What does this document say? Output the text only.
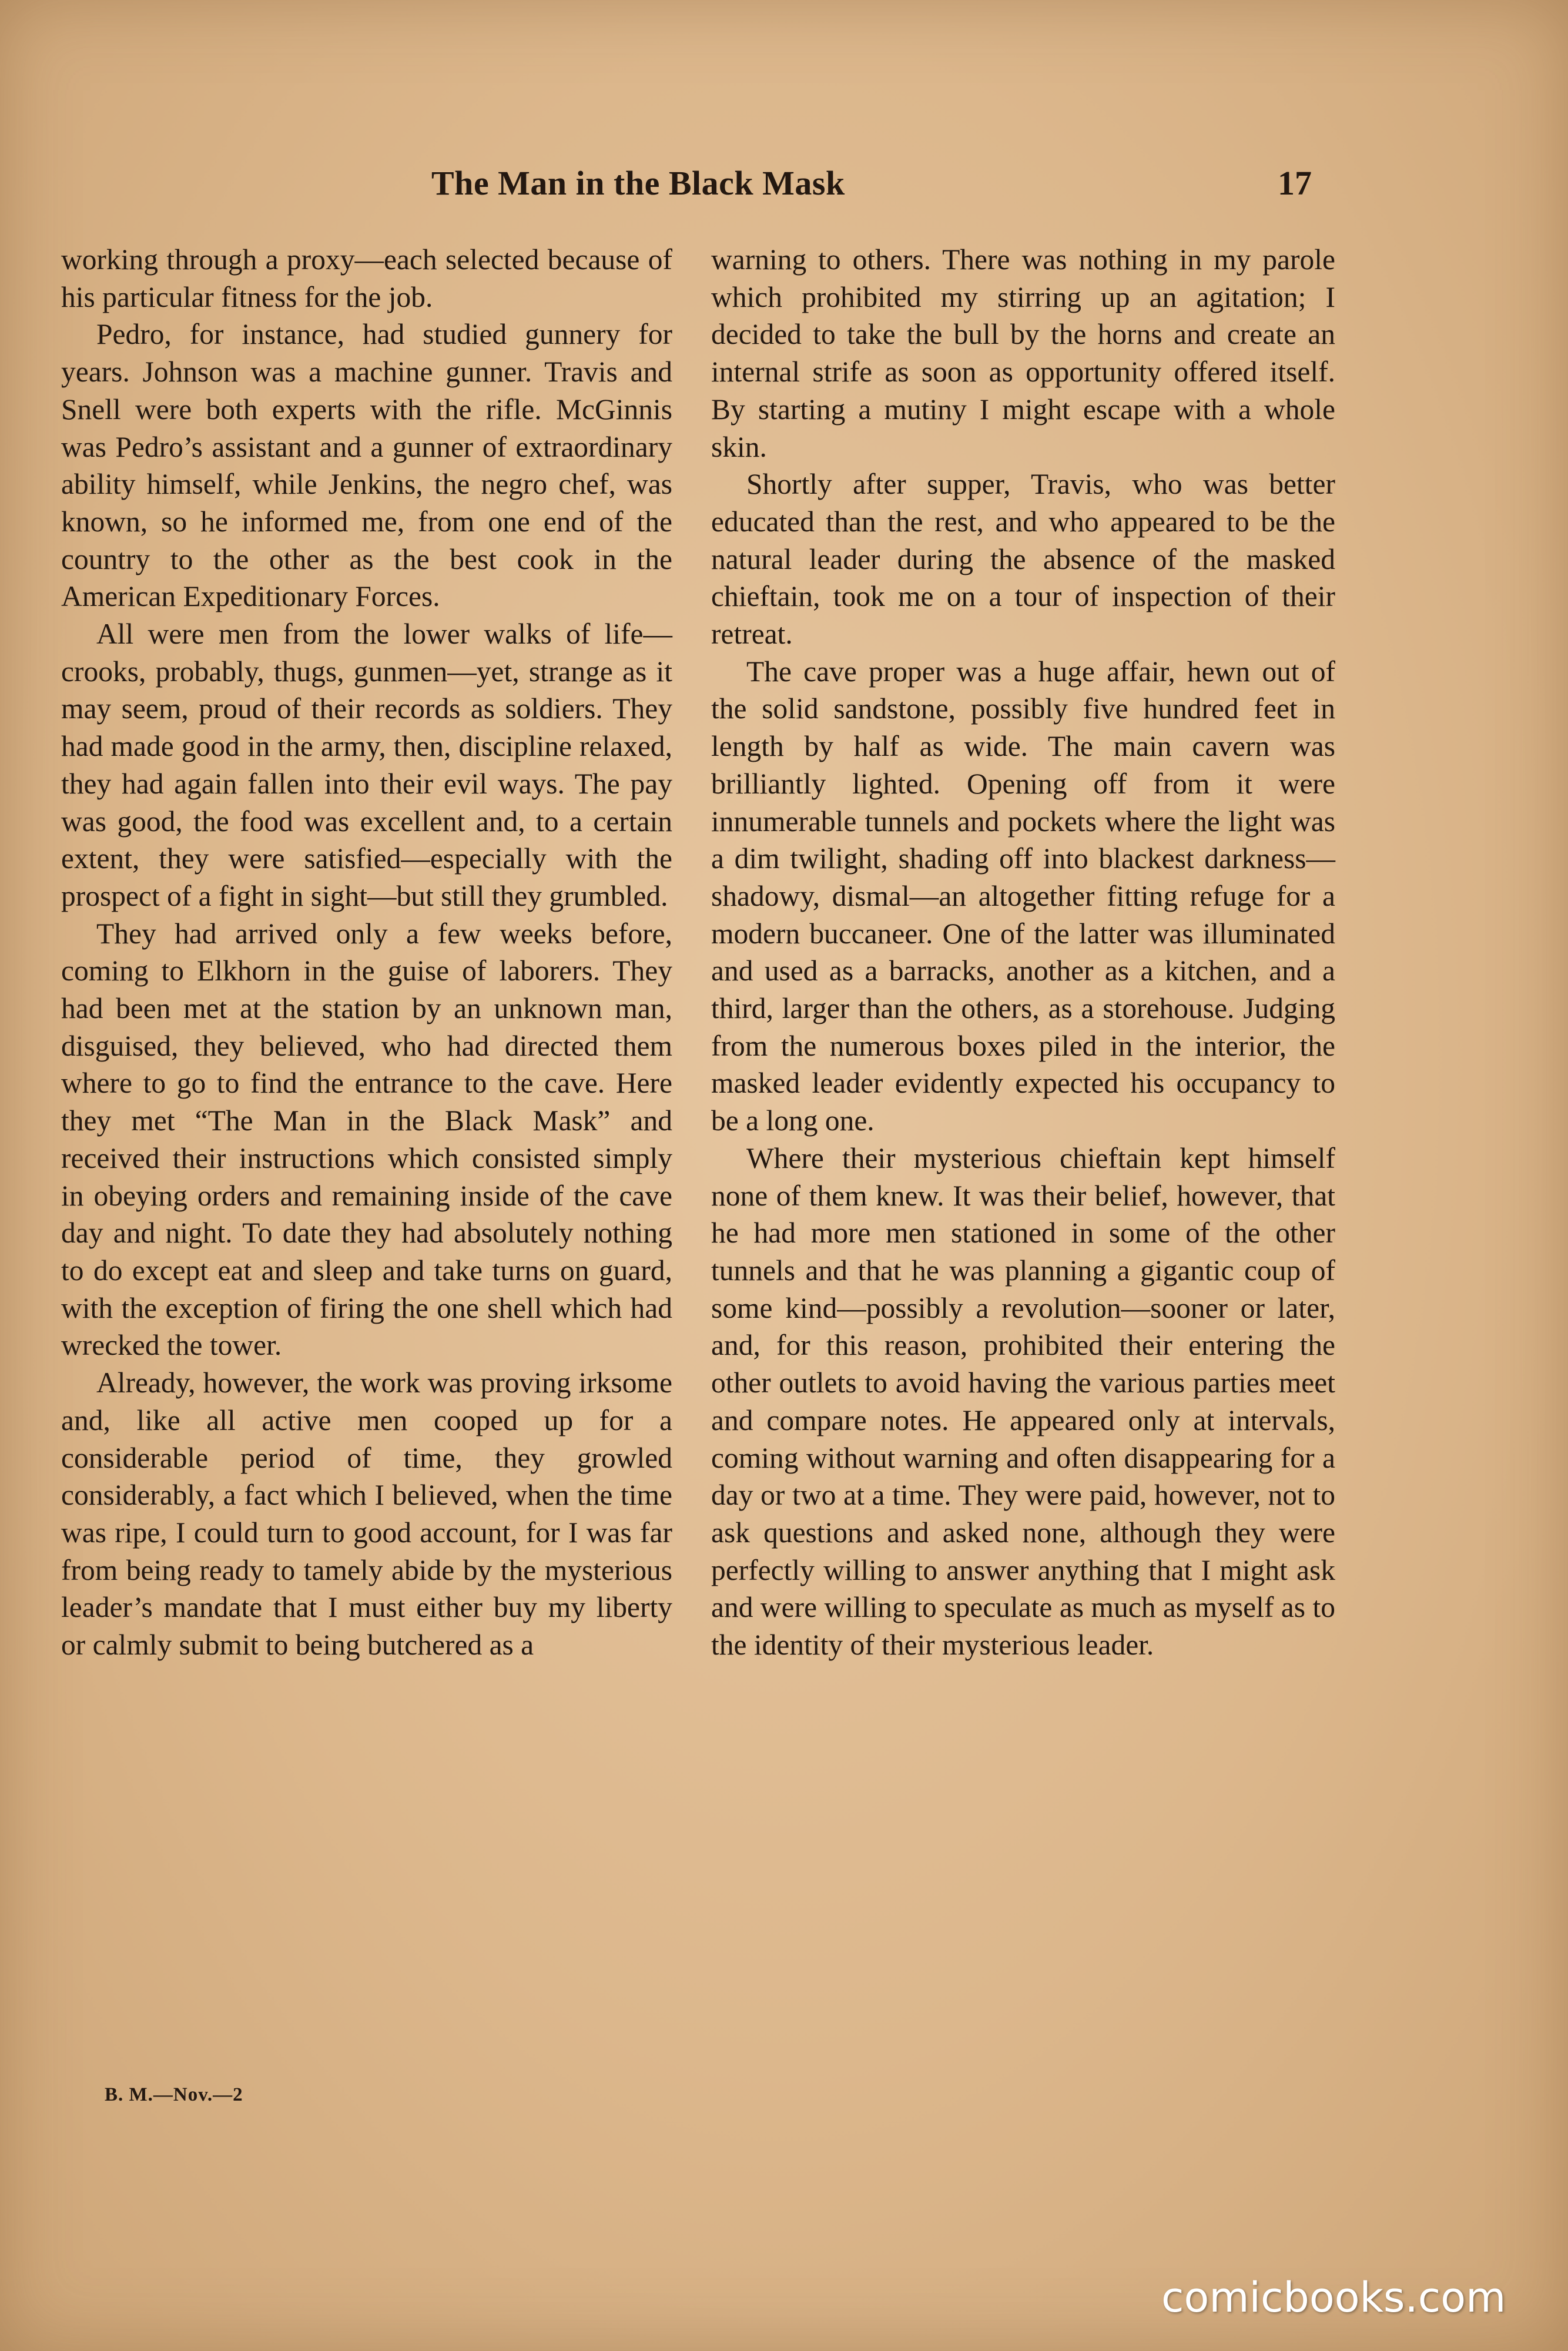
The Man in the Black Mask	17

working through a proxy—each selected because of his particular fitness for the job.

Pedro, for instance, had studied gunnery for years. Johnson was a machine gunner. Travis and Snell were both experts with the rifle. McGinnis was Pedro’s assistant and a gunner of extraordinary ability himself, while Jenkins, the negro chef, was known, so he informed me, from one end of the country to the other as the best cook in the American Expeditionary Forces.

All were men from the lower walks of life—crooks, probably, thugs, gunmen—yet, strange as it may seem, proud of their records as soldiers. They had made good in the army, then, discipline relaxed, they had again fallen into their evil ways. The pay was good, the food was excellent and, to a certain extent, they were satisfied—especially with the prospect of a fight in sight—but still they grumbled.

They had arrived only a few weeks before, coming to Elkhorn in the guise of laborers. They had been met at the station by an unknown man, disguised, they believed, who had directed them where to go to find the entrance to the cave. Here they met “The Man in the Black Mask” and received their instructions which consisted simply in obeying orders and remaining inside of the cave day and night. To date they had absolutely nothing to do except eat and sleep and take turns on guard, with the exception of firing the one shell which had wrecked the tower.

Already, however, the work was proving irksome and, like all active men cooped up for a considerable period of time, they growled considerably, a fact which I believed, when the time was ripe, I could turn to good account, for I was far from being ready to tamely abide by the mysterious leader’s mandate that I must either buy my liberty or calmly submit to being butchered as a

warning to others. There was nothing in my parole which prohibited my stirring up an agitation; I decided to take the bull by the horns and create an internal strife as soon as opportunity offered itself. By starting a mutiny I might escape with a whole skin.

Shortly after supper, Travis, who was better educated than the rest, and who appeared to be the natural leader during the absence of the masked chieftain, took me on a tour of inspection of their retreat.

The cave proper was a huge affair, hewn out of the solid sandstone, possibly five hundred feet in length by half as wide. The main cavern was brilliantly lighted. Opening off from it were innumerable tunnels and pockets where the light was a dim twilight, shading off into blackest darkness—shadowy, dismal—an altogether fitting refuge for a modern buccaneer. One of the latter was illuminated and used as a barracks, another as a kitchen, and a third, larger than the others, as a storehouse. Judging from the numerous boxes piled in the interior, the masked leader evidently expected his occupancy to be a long one.

Where their mysterious chieftain kept himself none of them knew. It was their belief, however, that he had more men stationed in some of the other tunnels and that he was planning a gigantic coup of some kind—possibly a revolution—sooner or later, and, for this reason, prohibited their entering the other outlets to avoid having the various parties meet and compare notes. He appeared only at intervals, coming without warning and often disappearing for a day or two at a time. They were paid, however, not to ask questions and asked none, although they were perfectly willing to answer anything that I might ask and were willing to speculate as much as myself as to the identity of their mysterious leader.

B. M.—Nov.—2
comicbooks.com
